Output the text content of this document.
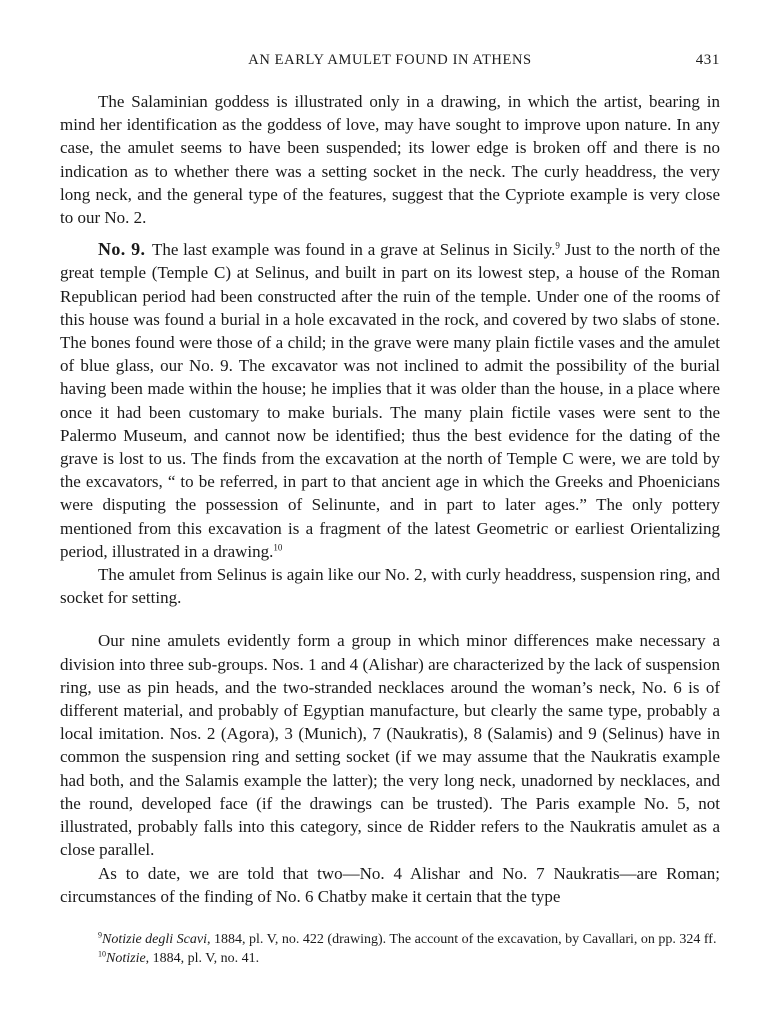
AN EARLY AMULET FOUND IN ATHENS	431

The Salaminian goddess is illustrated only in a drawing, in which the artist, bearing in mind her identification as the goddess of love, may have sought to improve upon nature. In any case, the amulet seems to have been suspended; its lower edge is broken off and there is no indication as to whether there was a setting socket in the neck. The curly headdress, the very long neck, and the general type of the features, suggest that the Cypriote example is very close to our No. 2.

No. 9. The last example was found in a grave at Selinus in Sicily.$^9$ Just to the north of the great temple (Temple C) at Selinus, and built in part on its lowest step, a house of the Roman Republican period had been constructed after the ruin of the temple. Under one of the rooms of this house was found a burial in a hole excavated in the rock, and covered by two slabs of stone. The bones found were those of a child; in the grave were many plain fictile vases and the amulet of blue glass, our No. 9. The excavator was not inclined to admit the possibility of the burial having been made within the house; he implies that it was older than the house, in a place where once it had been customary to make burials. The many plain fictile vases were sent to the Palermo Museum, and cannot now be identified; thus the best evidence for the dating of the grave is lost to us. The finds from the excavation at the north of Temple C were, we are told by the excavators, “ to be referred, in part to that ancient age in which the Greeks and Phoenicians were disputing the possession of Selinunte, and in part to later ages.” The only pottery mentioned from this excavation is a fragment of the latest Geometric or earliest Orientalizing period, illustrated in a drawing.$^{10}$

The amulet from Selinus is again like our No. 2, with curly headdress, suspension ring, and socket for setting.

Our nine amulets evidently form a group in which minor differences make necessary a division into three sub-groups. Nos. 1 and 4 (Alishar) are characterized by the lack of suspension ring, use as pin heads, and the two-stranded necklaces around the woman’s neck, No. 6 is of different material, and probably of Egyptian manufacture, but clearly the same type, probably a local imitation. Nos. 2 (Agora), 3 (Munich), 7 (Naukratis), 8 (Salamis) and 9 (Selinus) have in common the suspension ring and setting socket (if we may assume that the Naukratis example had both, and the Salamis example the latter); the very long neck, unadorned by necklaces, and the round, developed face (if the drawings can be trusted). The Paris example No. 5, not illustrated, probably falls into this category, since de Ridder refers to the Naukratis amulet as a close parallel.

As to date, we are told that two—No. 4 Alishar and No. 7 Naukratis—are Roman; circumstances of the finding of No. 6 Chatby make it certain that the type

$^9$Notizie degli Scavi, 1884, pl. V, no. 422 (drawing). The account of the excavation, by Cavallari, on pp. 324 ff.
$^{10}$Notizie, 1884, pl. V, no. 41.
